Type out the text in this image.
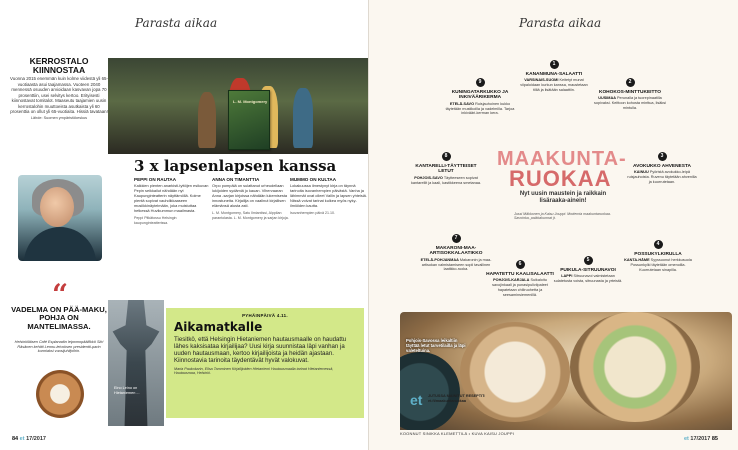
Parasta aikaa
KERROSTALO KIINNOSTAA
Vuonna 2015 enemmän kuin kolme viidestä yli 65-vuotiaasta asui taajamassa. Vuoteen 2040 mennessä osuuden arvioidaan kasvavan jopa 70 prosenttiin, usei selvitys kertoo. Erityisesti kiinnostavat tomitalot. Maaseutu taajamien uusin kerrostalohin muuttoeista asutkaista yli 60 prosenttia on ollut yli 65-vuotiaita. Hissiä tavataan!
Lähde: Suomen ympäristökeskus
“
VADELMA ON PÄÄ-MAKU, POHJA ON MANTELIMASSA.
Helsinkiläisen Café Esplanadin leipomopäällikkö Siiri Räsänen kehitti Lennu-leivoksen presidentti-parin kunniaksi vuosijuhlijoihin.
L. M. Montgomery
3 x lapsenlapsen kanssa
PEPPI ON RAUTAA
Kaikkien pienten anarkisti-tyttöjen esikuvan Pepin seikkailut nähdään nyt Kaupunginteatterin näyttämöllä. Kolme pientä sopivat vauhdikkaaseen musiikkinäytelmään, joka muistuttaa hetkessä Huvikummun maailmasta.
Peppi Pitkätossu Helsingin kaupunginteatterissa.
ANNA ON TIMANTTIA
Orpo pompäiä on sulattanut urheudellaan lukijoiden sydämiä jo kauan. Vihervaaran Anna -sarjan kirjoissa nähdään lukemisesta innostuneita. Kirjailija on vaalinut kirjallisen elämänsä alusta asti.
L. M. Montgomery, Satu Ilmiantissi, Alppilan parantolasta. L. M. Montgomery ja sarjan kirjoja.
MUMMO ON KULTAA
Lokakuussa ilmestynyt kirja on täynnä tarinoita isovanhempien päivästä. Vanha ja lähimmät ovat olleet Vallin ja lapsen yhteisiä. Niissä voivat tarinat kulkea myös nyky-ilmiöiden kautta.
Isovanhempien päivä 21.10.
Eino Leino on Hietaniemen ...
PYHÄINPÄIVÄ 4.11.
Aikamatkalle

Tiesitkö, että Helsingin Hietaniemen hautausmaalle on haudattu lähes kaksisataa kirjailijaa? Uusi kirja suunnistaa läpi vanhan ja uuden hautausmaan, kertoo kirjailijoista ja heidän ajastaan. Kiinnostavia tarinoita täydentävät hyvät valokuvat.

Maria Paukokarin, Elisa Tamminen Kirjailijoiden Hietaniemi Hautausmaalla tarinat Hietaniemessä, Hautausmaa, Helsinki.
84 et 17/2017
Parasta aikaa
MAAKUNTA-
RUOKAA
Nyt uusin maustein ja raikkain lisäraaka-ainein!
Jussi Mäkkonen ja Kaisu Jouppi: Modernia maakuntaruokaa. Savoinka, paikkakunnat jt.
1
KANANMUNA-SALAATTI
VARSINAIS-SUOMI Keitetyt munat viipaloidaan kurkun kanssa, maustetaan tilliä ja lisätään salaattiin.
2
KOHOKOS-MINTTUKEITTO
UUSIMAA Perunalla ja tuorepinaatilla sopivaksi. Keittoon kohosta minttua, lisäksi mintulla.
3
AVOKUKKO AHVENESTA
KAINUU Pyöristä avokukko-leipä ruisjauhoista. Ruvenu täytetään ahvenilla ja kuorrutetaan.
4
POSSUKYLKIRULLA
KANTA-HÄME Syyssuonut herkkusuola Possunkylki täytetään omenoilla. Kuorrutetaan sinapilla.
5
PUIKULA-SITRUUNAVOI
LAPPI Sitruunavoi valmistetaan sulatetusta voista, sitruunasta ja yrteistä.
6
HAPATETTU KAALISALAATTI
POHJOIS-KARJALA Suikaloitu savojinkaali ja punasipuliviipaleet hapatetaan chiliruohetta ja seesaminsiemenillä.
7
MAKARONI-MAA-ARTISOKKALAATIKKO
ETELÄ-POHJANMAA Makaronin ja maa-artisokan valmistamiseen sopii tavallinen laatikko-ruoka.
8
KANTARELLI-TÄYTTEISET LETUT
POHJOIS-SAVO Täytteeseen sopivat kantarellit ja kaali, kastikkeena smetanaa.
9
KUNINGATARKUKKO JA INKIVÄÄRIKERMA
ETELÄ-SAVO Ruisjauhoinen kukko täytetään mustikoilla ja vadelmilla. Tarjoa inkivääri-kerman kera.
Pohjois-Savossa leikaltiin täyttää letut tarvetilailla ja läpi valeteltuina.
et JUTUSSA MAINITUT RESEPTIT: et.fi/maakuntaruokaa
KOONNUT SINIKKA KLEMETTILÄ • KUVA KAISU JOUPPI
et 17/2017 85
